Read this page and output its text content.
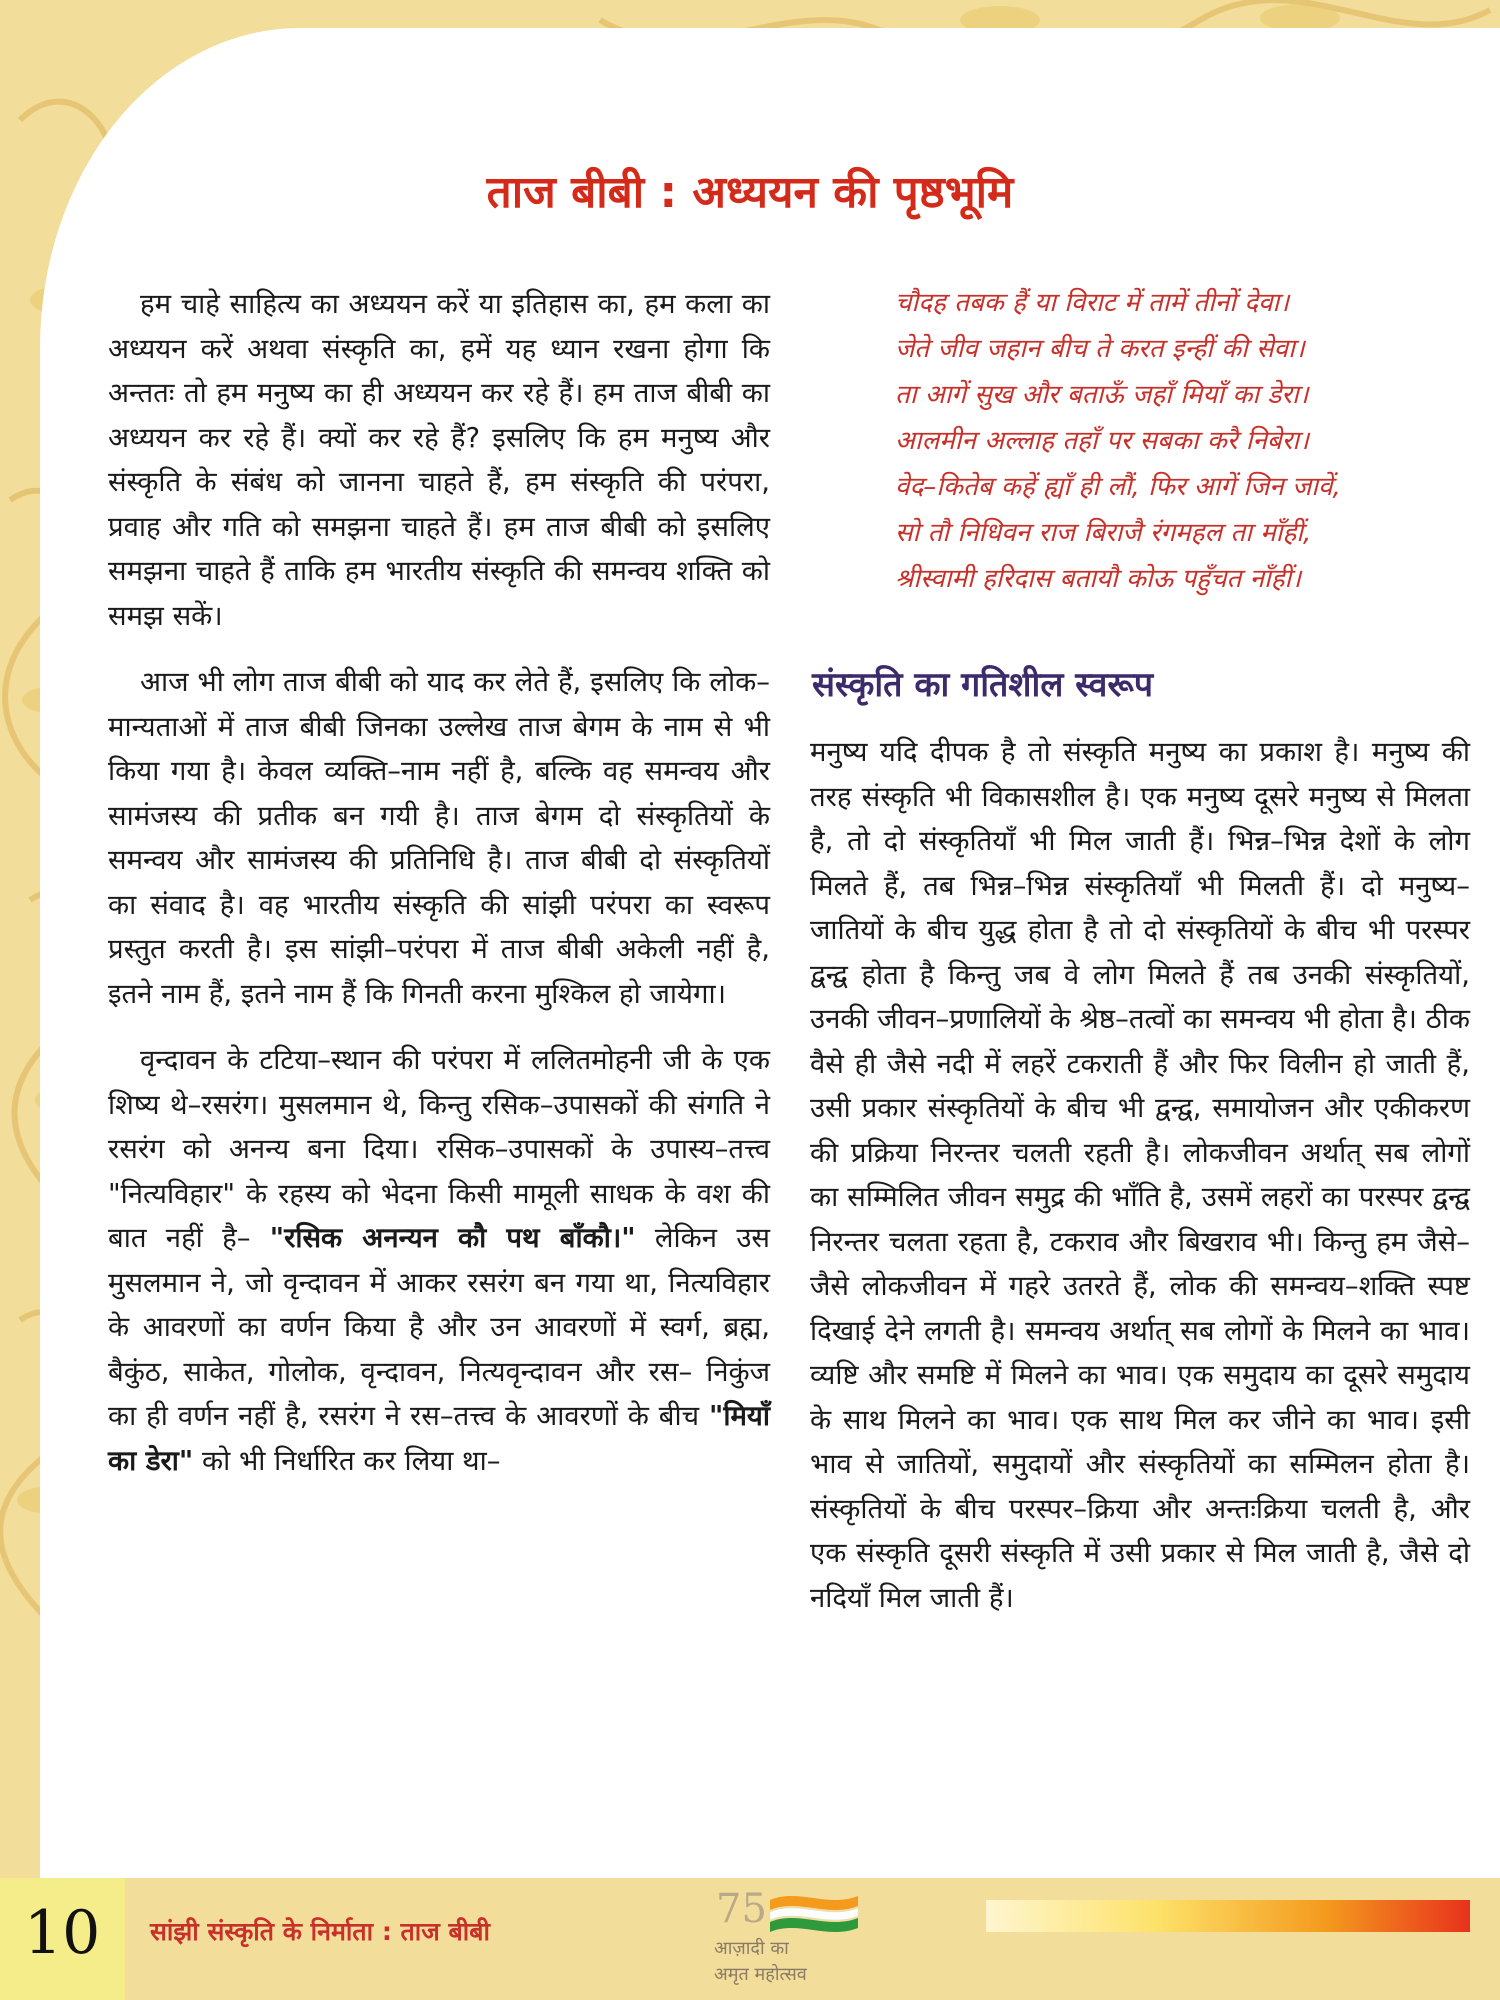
ताज बीबी : अध्ययन की पृष्ठभूमि

हम चाहे साहित्य का अध्ययन करें या इतिहास का, हम कला का अध्ययन करें अथवा संस्कृति का, हमें यह ध्यान रखना होगा कि अन्ततः तो हम मनुष्य का ही अध्ययन कर रहे हैं। हम ताज बीबी का अध्ययन कर रहे हैं। क्यों कर रहे हैं? इसलिए कि हम मनुष्य और संस्कृति के संबंध को जानना चाहते हैं, हम संस्कृति की परंपरा, प्रवाह और गति को समझना चाहते हैं। हम ताज बीबी को इसलिए समझना चाहते हैं ताकि हम भारतीय संस्कृति की समन्वय शक्ति को समझ सकें।

आज भी लोग ताज बीबी को याद कर लेते हैं, इसलिए कि लोक–मान्यताओं में ताज बीबी जिनका उल्लेख ताज बेगम के नाम से भी किया गया है। केवल व्यक्ति–नाम नहीं है, बल्कि वह समन्वय और सामंजस्य की प्रतीक बन गयी है। ताज बेगम दो संस्कृतियों के समन्वय और सामंजस्य की प्रतिनिधि है। ताज बीबी दो संस्कृतियों का संवाद है। वह भारतीय संस्कृति की सांझी परंपरा का स्वरूप प्रस्तुत करती है। इस सांझी–परंपरा में ताज बीबी अकेली नहीं है, इतने नाम हैं, इतने नाम हैं कि गिनती करना मुश्किल हो जायेगा।

वृन्दावन के टटिया–स्थान की परंपरा में ललितमोहनी जी के एक शिष्य थे–रसरंग। मुसलमान थे, किन्तु रसिक–उपासकों की संगति ने रसरंग को अनन्य बना दिया। रसिक–उपासकों के उपास्य–तत्त्व "नित्यविहार" के रहस्य को भेदना किसी मामूली साधक के वश की बात नहीं है– "रसिक अनन्यन कौ पथ बाँकौ।" लेकिन उस मुसलमान ने, जो वृन्दावन में आकर रसरंग बन गया था, नित्यविहार के आवरणों का वर्णन किया है और उन आवरणों में स्वर्ग, ब्रह्म, बैकुंठ, साकेत, गोलोक, वृन्दावन, नित्यवृन्दावन और रस– निकुंज का ही वर्णन नहीं है, रसरंग ने रस–तत्त्व के आवरणों के बीच "मियाँ का डेरा" को भी निर्धारित कर लिया था–

चौदह तबक हैं या विराट में तामें तीनों देवा।
जेते जीव जहान बीच ते करत इन्हीं की सेवा।
ता आगें सुख और बताऊँ जहाँ मियाँ का डेरा।
आलमीन अल्लाह तहाँ पर सबका करै निबेरा।
वेद–कितेब कहें ह्यॉं ही लौं, फिर आगें जिन जावें,
सो तौ निधिवन राज बिराजै रंगमहल ता माँहीं,
श्रीस्वामी हरिदास बतायौ कोऊ पहुँचत नाँहीं।
संस्कृति का गतिशील स्वरूप

मनुष्य यदि दीपक है तो संस्कृति मनुष्य का प्रकाश है। मनुष्य की तरह संस्कृति भी विकासशील है। एक मनुष्य दूसरे मनुष्य से मिलता है, तो दो संस्कृतियाँ भी मिल जाती हैं। भिन्न–भिन्न देशों के लोग मिलते हैं, तब भिन्न–भिन्न संस्कृतियाँ भी मिलती हैं। दो मनुष्य–जातियों के बीच युद्ध होता है तो दो संस्कृतियों के बीच भी परस्पर द्वन्द्व होता है किन्तु जब वे लोग मिलते हैं तब उनकी संस्कृतियों, उनकी जीवन–प्रणालियों के श्रेष्ठ–तत्वों का समन्वय भी होता है। ठीक वैसे ही जैसे नदी में लहरें टकराती हैं और फिर विलीन हो जाती हैं, उसी प्रकार संस्कृतियों के बीच भी द्वन्द्व, समायोजन और एकीकरण की प्रक्रिया निरन्तर चलती रहती है। लोकजीवन अर्थात् सब लोगों का सम्मिलित जीवन समुद्र की भाँति है, उसमें लहरों का परस्पर द्वन्द्व निरन्तर चलता रहता है, टकराव और बिखराव भी। किन्तु हम जैसे–जैसे लोकजीवन में गहरे उतरते हैं, लोक की समन्वय–शक्ति स्पष्ट दिखाई देने लगती है। समन्वय अर्थात् सब लोगों के मिलने का भाव। व्यष्टि और समष्टि में मिलने का भाव। एक समुदाय का दूसरे समुदाय के साथ मिलने का भाव। एक साथ मिल कर जीने का भाव। इसी भाव से जातियों, समुदायों और संस्कृतियों का सम्मिलन होता है। संस्कृतियों के बीच परस्पर–क्रिया और अन्तःक्रिया चलती है, और एक संस्कृति दूसरी संस्कृति में उसी प्रकार से मिल जाती है, जैसे दो नदियाँ मिल जाती हैं।

10 सांझी संस्कृति के निर्माता : ताज बीबी	75
आज़ादी का
अमृत महोत्सव
